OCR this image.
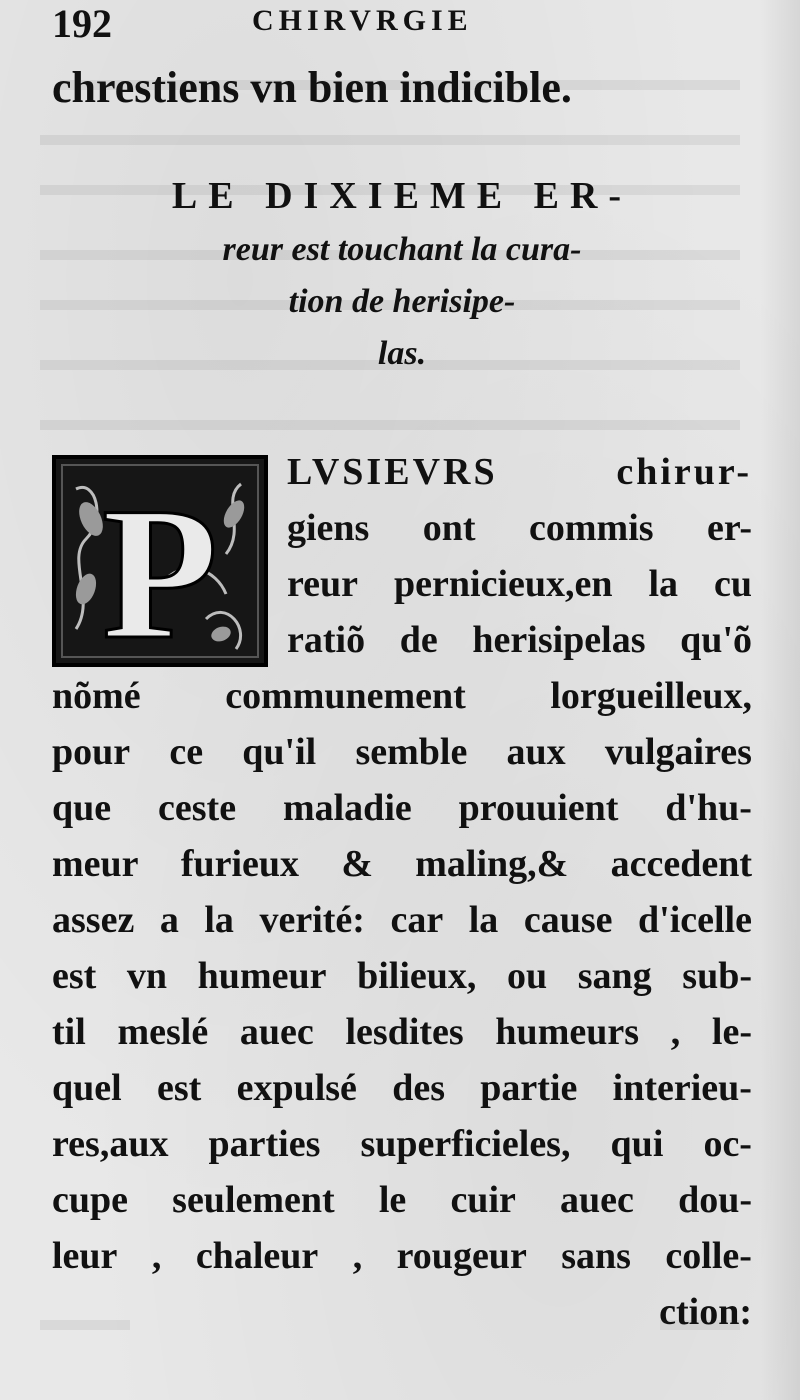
192	CHIRVRGIE
chrestiens vn bien indicible.
LE DIXIEME ER-
reur est touchant la cura-
tion de herisipe-
las.
P LVSIEVRS	chirur-
giens ont commis er-
reur pernicieux,en la cu
ratiõ de herisipelas qu'õ
nõmé communement lorgueilleux,
pour ce qu'il semble aux vulgaires
que ceste maladie prouuient d'hu-
meur furieux & maling,& accedent
assez a la verité: car la cause d'icelle
est vn humeur bilieux, ou sang sub-
til meslé auec lesdites humeurs , le-
quel est expulsé des partie interieu-
res,aux parties superficieles, qui oc-
cupe seulement le cuir auec dou-
leur , chaleur , rougeur sans colle-
ction:
